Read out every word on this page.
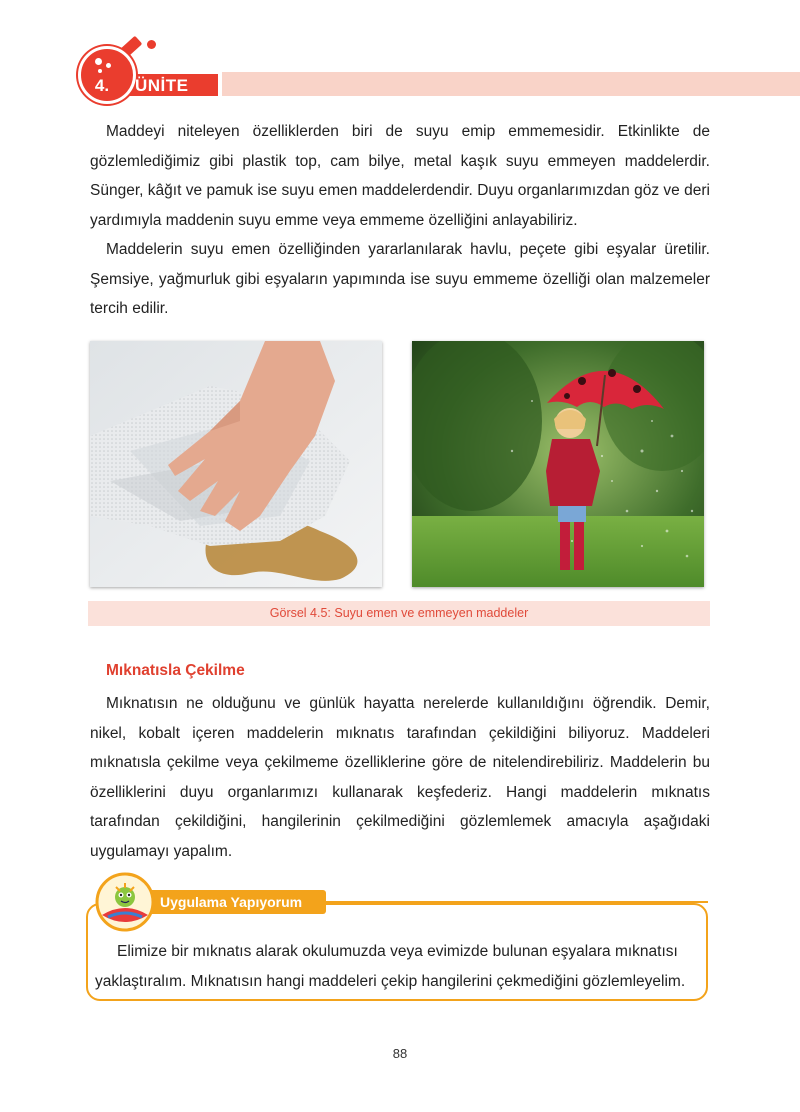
4.	ÜNİTE

Maddeyi niteleyen özelliklerden biri de suyu emip emmemesidir. Etkinlikte de gözlemlediğimiz gibi plastik top, cam bilye, metal kaşık suyu emmeyen maddelerdir. Sünger, kâğıt ve pamuk ise suyu emen maddelerdendir. Duyu organlarımızdan göz ve deri yardımıyla maddenin suyu emme veya emmeme özelliğini anlayabiliriz.

Maddelerin suyu emen özelliğinden yararlanılarak havlu, peçete gibi eşyalar üretilir. Şemsiye, yağmurluk gibi eşyaların yapımında ise suyu emmeme özelliği olan malzemeler tercih edilir.

Görsel 4.5: Suyu emen ve emmeyen maddeler
Mıknatısla Çekilme

Mıknatısın ne olduğunu ve günlük hayatta nerelerde kullanıldığını öğrendik. Demir, nikel, kobalt içeren maddelerin mıknatıs tarafından çekildiğini biliyoruz. Maddeleri mıknatısla çekilme veya çekilmeme özelliklerine göre de nitelendirebiliriz. Maddelerin bu özelliklerini duyu organlarımızı kullanarak keşfederiz. Hangi maddelerin mıknatıs tarafından çekildiğini, hangilerinin çekilmediğini gözlemlemek amacıyla aşağıdaki uygulamayı yapalım.

Uygulama Yapıyorum

Elimize bir mıknatıs alarak okulumuzda veya evimizde bulunan eşyalara mıknatısı yaklaştıralım. Mıknatısın hangi maddeleri çekip hangilerini çekmediğini gözlemleyelim.

88
